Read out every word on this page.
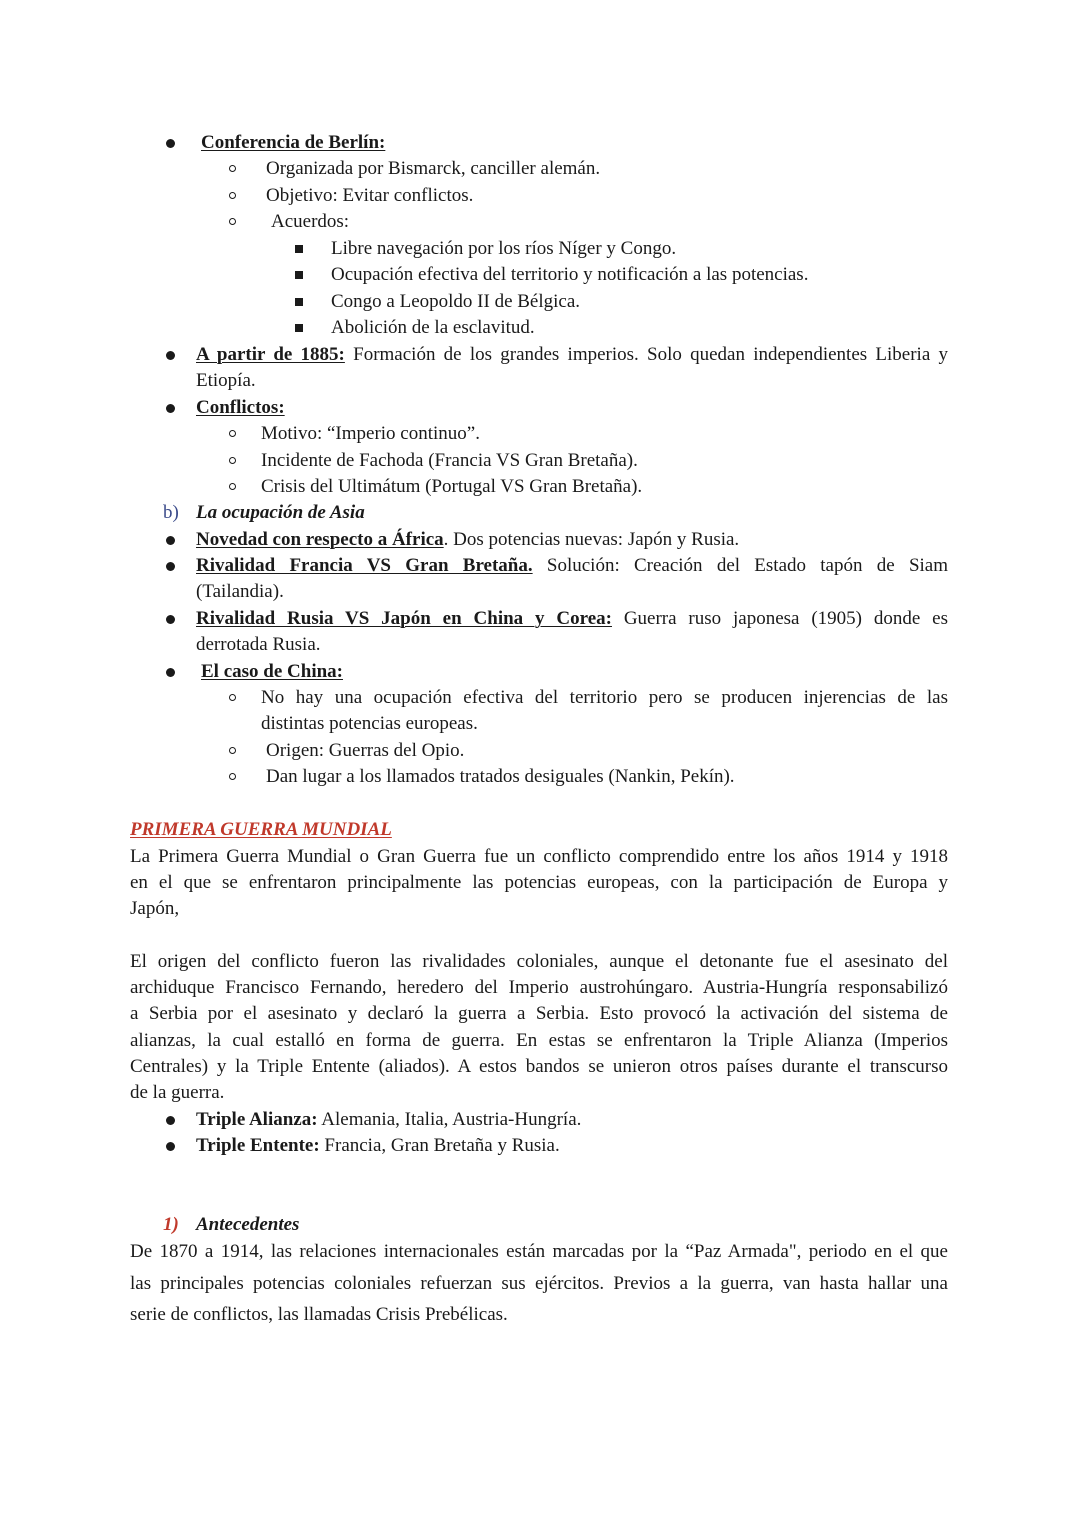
Conferencia de Berlín:
Organizada por Bismarck, canciller alemán.
Objetivo: Evitar conflictos.
Acuerdos:
Libre navegación por los ríos Níger y Congo.
Ocupación efectiva del territorio y notificación a las potencias.
Congo a Leopoldo II de Bélgica.
Abolición de la esclavitud.
A partir de 1885: Formación de los grandes imperios. Solo quedan independientes Liberia y
Etiopía.
Conflictos:
Motivo: “Imperio continuo”.
Incidente de Fachoda (Francia VS Gran Bretaña).
Crisis del Ultimátum (Portugal VS Gran Bretaña).
b) La ocupación de Asia
Novedad con respecto a África. Dos potencias nuevas: Japón y Rusia.
Rivalidad Francia VS Gran Bretaña. Solución: Creación del Estado tapón de Siam
(Tailandia).
Rivalidad Rusia VS Japón en China y Corea: Guerra ruso japonesa (1905) donde es
derrotada Rusia.
El caso de China:
No hay una ocupación efectiva del territorio pero se producen injerencias de las
distintas potencias europeas.
Origen: Guerras del Opio.
Dan lugar a los llamados tratados desiguales (Nankin, Pekín).
PRIMERA GUERRA MUNDIAL
La Primera Guerra Mundial o Gran Guerra fue un conflicto comprendido entre los años 1914 y 1918
en el que se enfrentaron principalmente las potencias europeas, con la participación de Europa y
Japón,
El origen del conflicto fueron las rivalidades coloniales, aunque el detonante fue el asesinato del
archiduque Francisco Fernando, heredero del Imperio austrohúngaro. Austria-Hungría responsabilizó
a Serbia por el asesinato y declaró la guerra a Serbia. Esto provocó la activación del sistema de
alianzas, la cual estalló en forma de guerra. En estas se enfrentaron la Triple Alianza (Imperios
Centrales) y la Triple Entente (aliados). A estos bandos se unieron otros países durante el transcurso
de la guerra.
Triple Alianza: Alemania, Italia, Austria-Hungría.
Triple Entente: Francia, Gran Bretaña y Rusia.
1) Antecedentes
De 1870 a 1914, las relaciones internacionales están marcadas por la “Paz Armada", periodo en el que
las principales potencias coloniales refuerzan sus ejércitos. Previos a la guerra, van hasta hallar una
serie de conflictos, las llamadas Crisis Prebélicas.
